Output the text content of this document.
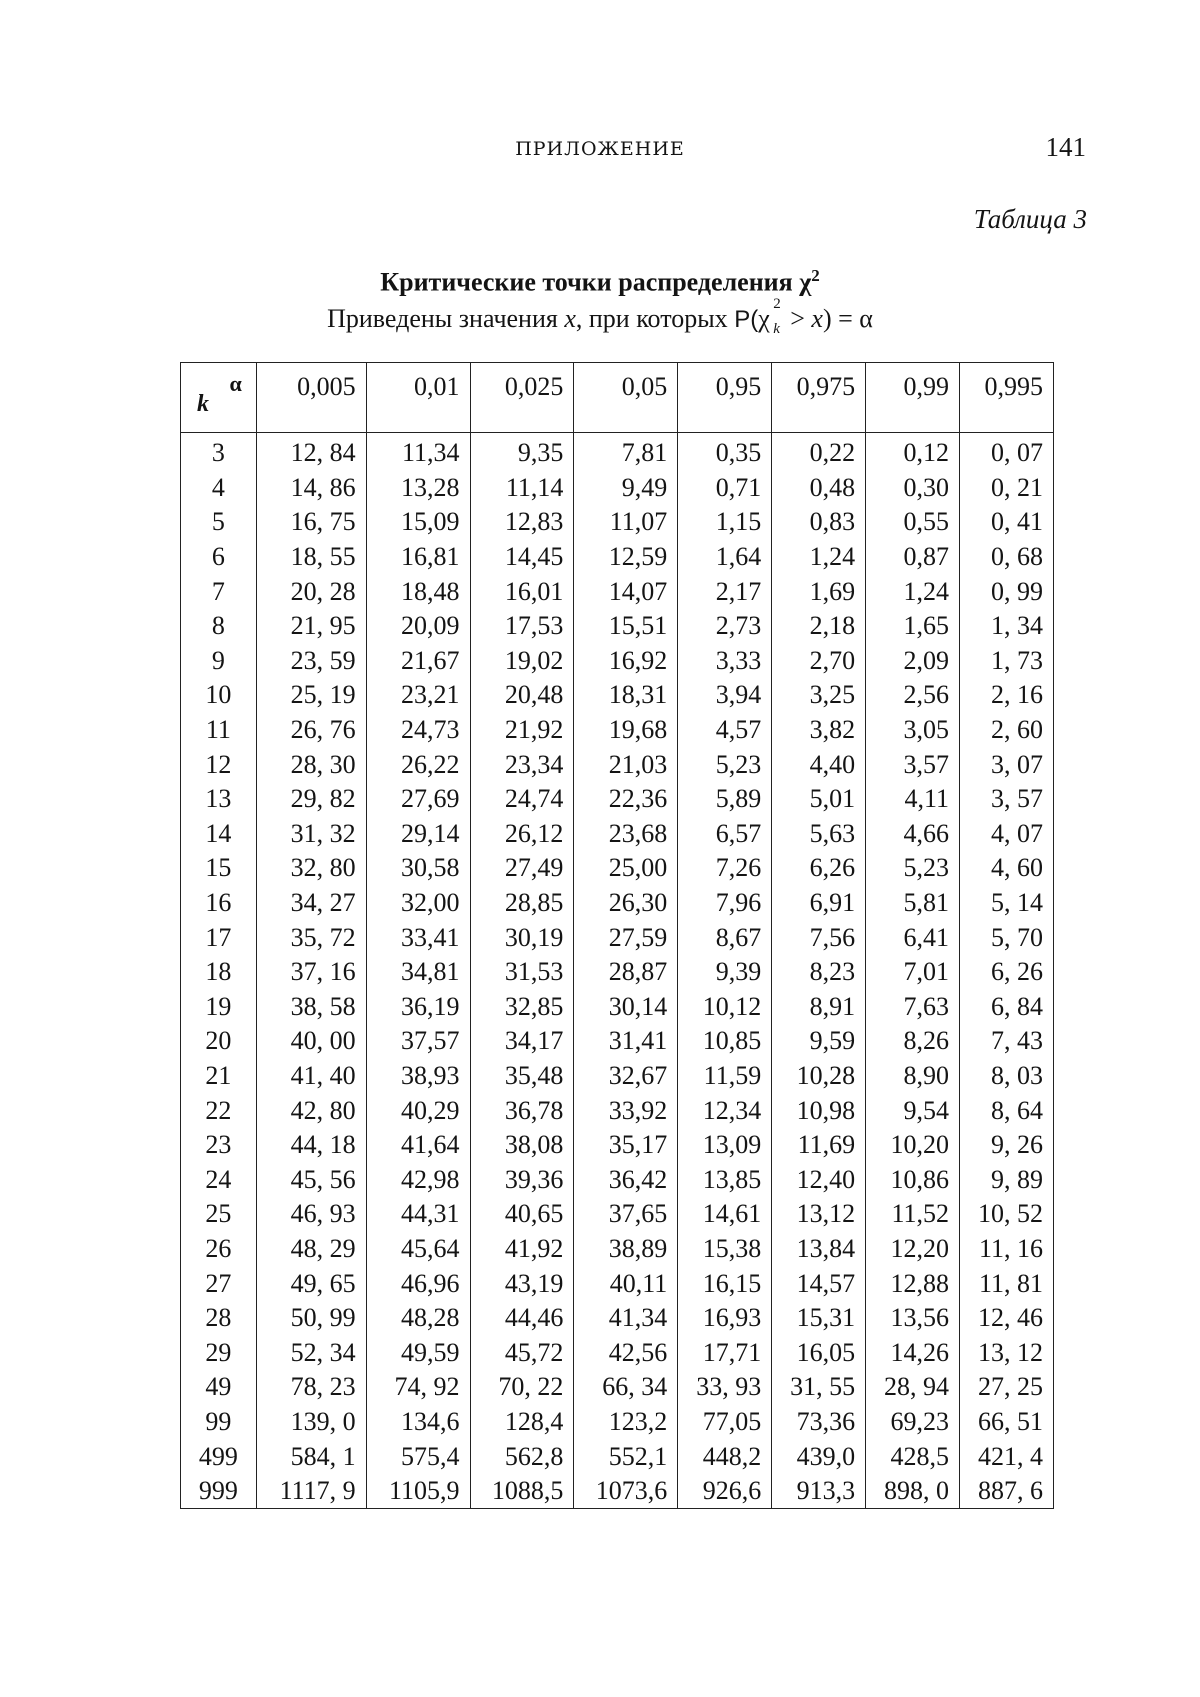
ПРИЛОЖЕНИЕ	141
Таблица 3
Критические точки распределения $\chi^2$
Приведены значения x, при которых P(χ 2
k > x) = α
α
k	0,005	0,01	0,025	0,05	0,95	0,975	0,99	0,995
3	12, 84	11,34	9,35	7,81	0,35	0,22	0,12	0, 07
4	14, 86	13,28	11,14	9,49	0,71	0,48	0,30	0, 21
5	16, 75	15,09	12,83	11,07	1,15	0,83	0,55	0, 41
6	18, 55	16,81	14,45	12,59	1,64	1,24	0,87	0, 68
7	20, 28	18,48	16,01	14,07	2,17	1,69	1,24	0, 99
8	21, 95	20,09	17,53	15,51	2,73	2,18	1,65	1, 34
9	23, 59	21,67	19,02	16,92	3,33	2,70	2,09	1, 73
10	25, 19	23,21	20,48	18,31	3,94	3,25	2,56	2, 16
11	26, 76	24,73	21,92	19,68	4,57	3,82	3,05	2, 60
12	28, 30	26,22	23,34	21,03	5,23	4,40	3,57	3, 07
13	29, 82	27,69	24,74	22,36	5,89	5,01	4,11	3, 57
14	31, 32	29,14	26,12	23,68	6,57	5,63	4,66	4, 07
15	32, 80	30,58	27,49	25,00	7,26	6,26	5,23	4, 60
16	34, 27	32,00	28,85	26,30	7,96	6,91	5,81	5, 14
17	35, 72	33,41	30,19	27,59	8,67	7,56	6,41	5, 70
18	37, 16	34,81	31,53	28,87	9,39	8,23	7,01	6, 26
19	38, 58	36,19	32,85	30,14	10,12	8,91	7,63	6, 84
20	40, 00	37,57	34,17	31,41	10,85	9,59	8,26	7, 43
21	41, 40	38,93	35,48	32,67	11,59	10,28	8,90	8, 03
22	42, 80	40,29	36,78	33,92	12,34	10,98	9,54	8, 64
23	44, 18	41,64	38,08	35,17	13,09	11,69	10,20	9, 26
24	45, 56	42,98	39,36	36,42	13,85	12,40	10,86	9, 89
25	46, 93	44,31	40,65	37,65	14,61	13,12	11,52	10, 52
26	48, 29	45,64	41,92	38,89	15,38	13,84	12,20	11, 16
27	49, 65	46,96	43,19	40,11	16,15	14,57	12,88	11, 81
28	50, 99	48,28	44,46	41,34	16,93	15,31	13,56	12, 46
29	52, 34	49,59	45,72	42,56	17,71	16,05	14,26	13, 12
49	78, 23	74, 92	70, 22	66, 34	33, 93	31, 55	28, 94	27, 25
99	139, 0	134,6	128,4	123,2	77,05	73,36	69,23	66, 51
499	584, 1	575,4	562,8	552,1	448,2	439,0	428,5	421, 4
999	1117, 9	1105,9	1088,5	1073,6	926,6	913,3	898, 0	887, 6
